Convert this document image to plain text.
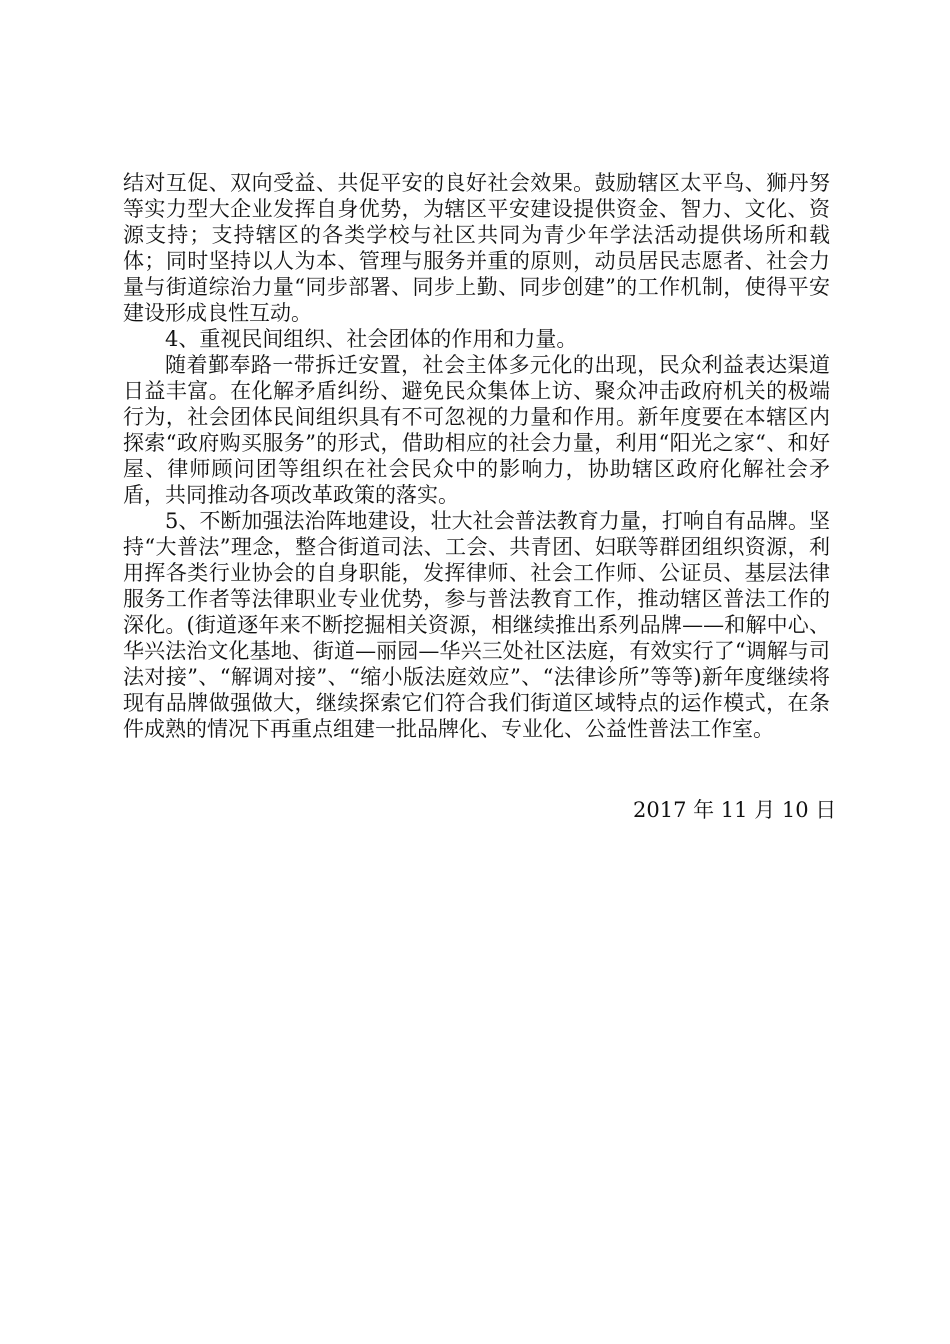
结对互促、双向受益、共促平安的良好社会效果。鼓励辖区太平鸟、狮丹努等实力型大企业发挥自身优势，为辖区平安建设提供资金、智力、文化、资源支持；支持辖区的各类学校与社区共同为青少年学法活动提供场所和载体；同时坚持以人为本、管理与服务并重的原则，动员居民志愿者、社会力量与街道综治力量“同步部署、同步上勤、同步创建”的工作机制，使得平安建设形成良性互动。

4、重视民间组织、社会团体的作用和力量。

随着鄞奉路一带拆迁安置，社会主体多元化的出现，民众利益表达渠道日益丰富。在化解矛盾纠纷、避免民众集体上访、聚众冲击政府机关的极端行为，社会团体民间组织具有不可忽视的力量和作用。新年度要在本辖区内探索“政府购买服务”的形式，借助相应的社会力量，利用“阳光之家“、和好屋、律师顾问团等组织在社会民众中的影响力，协助辖区政府化解社会矛盾，共同推动各项改革政策的落实。

5、不断加强法治阵地建设，壮大社会普法教育力量，打响自有品牌。坚持“大普法”理念，整合街道司法、工会、共青团、妇联等群团组织资源，利用挥各类行业协会的自身职能，发挥律师、社会工作师、公证员、基层法律服务工作者等法律职业专业优势，参与普法教育工作，推动辖区普法工作的深化。(街道逐年来不断挖掘相关资源，相继续推出系列品牌——和解中心、华兴法治文化基地、街道—丽园—华兴三处社区法庭，有效实行了“调解与司法对接”、“解调对接”、“缩小版法庭效应”、“法律诊所”等等)新年度继续将现有品牌做强做大，继续探索它们符合我们街道区域特点的运作模式，在条件成熟的情况下再重点组建一批品牌化、专业化、公益性普法工作室。

2017 年 11 月 10 日
